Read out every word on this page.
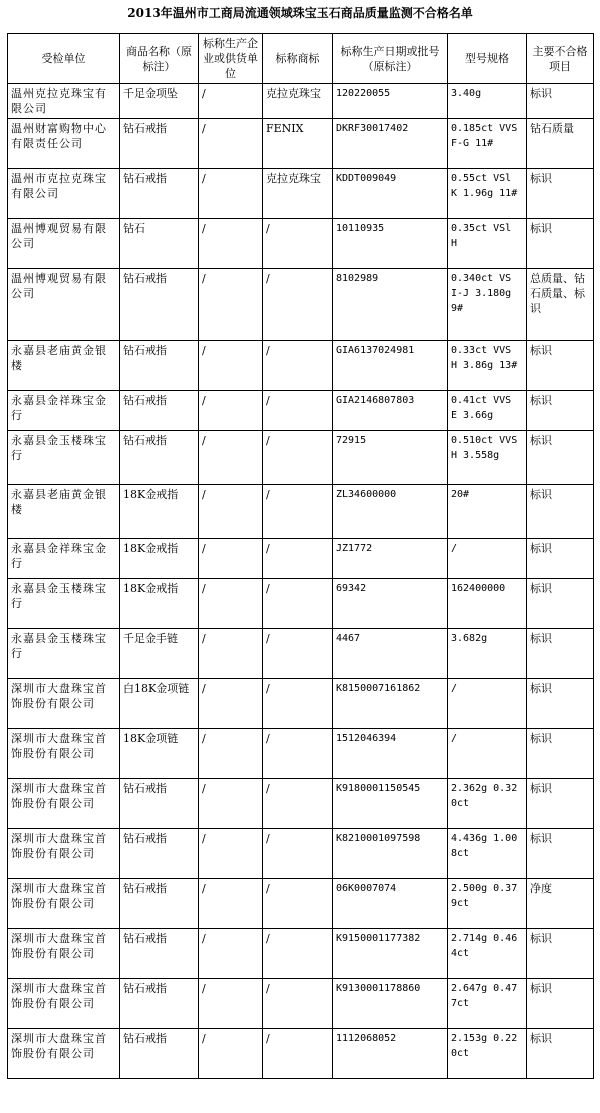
2013年温州市工商局流通领域珠宝玉石商品质量监测不合格名单
受检单位	商品名称（原标注）	标称生产企业或供货单位	标称商标	标称生产日期或批号（原标注）	型号规格	主要不合格项目
温州克拉克珠宝有限公司	千足金项坠	/	克拉克珠宝	120220055	3.40g	标识
温州财富购物中心有限责任公司	钻石戒指	/	FENIX	DKRF30017402	0.185ct VVS F-G 11#	钻石质量
温州市克拉克珠宝有限公司	钻石戒指	/	克拉克珠宝	KDDT009049	0.55ct VSl K 1.96g 11#	标识
温州博观贸易有限公司	钻石	/	/	10110935	0.35ct VSl H	标识
温州博观贸易有限公司	钻石戒指	/	/	8102989	0.340ct VS I-J 3.180g 9#	总质量、钻石质量、标识
永嘉县老庙黄金银楼	钻石戒指	/	/	GIA6137024981	0.33ct VVS H 3.86g 13#	标识
永嘉县金祥珠宝金行	钻石戒指	/	/	GIA2146807803	0.41ct VVS E 3.66g	标识
永嘉县金玉楼珠宝行	钻石戒指	/	/	72915	0.510ct VVS H 3.558g	标识
永嘉县老庙黄金银楼	18K金戒指	/	/	ZL34600000	20#	标识
永嘉县金祥珠宝金行	18K金戒指	/	/	JZ1772	/	标识
永嘉县金玉楼珠宝行	18K金戒指	/	/	69342	162400000	标识
永嘉县金玉楼珠宝行	千足金手链	/	/	4467	3.682g	标识
深圳市大盘珠宝首饰股份有限公司	白18K金项链	/	/	K8150007161862	/	标识
深圳市大盘珠宝首饰股份有限公司	18K金项链	/	/	1512046394	/	标识
深圳市大盘珠宝首饰股份有限公司	钻石戒指	/	/	K9180001150545	2.362g 0.320ct	标识
深圳市大盘珠宝首饰股份有限公司	钻石戒指	/	/	K8210001097598	4.436g 1.008ct	标识
深圳市大盘珠宝首饰股份有限公司	钻石戒指	/	/	06K0007074	2.500g 0.379ct	净度
深圳市大盘珠宝首饰股份有限公司	钻石戒指	/	/	K9150001177382	2.714g 0.464ct	标识
深圳市大盘珠宝首饰股份有限公司	钻石戒指	/	/	K9130001178860	2.647g 0.477ct	标识
深圳市大盘珠宝首饰股份有限公司	钻石戒指	/	/	1112068052	2.153g 0.220ct	标识
